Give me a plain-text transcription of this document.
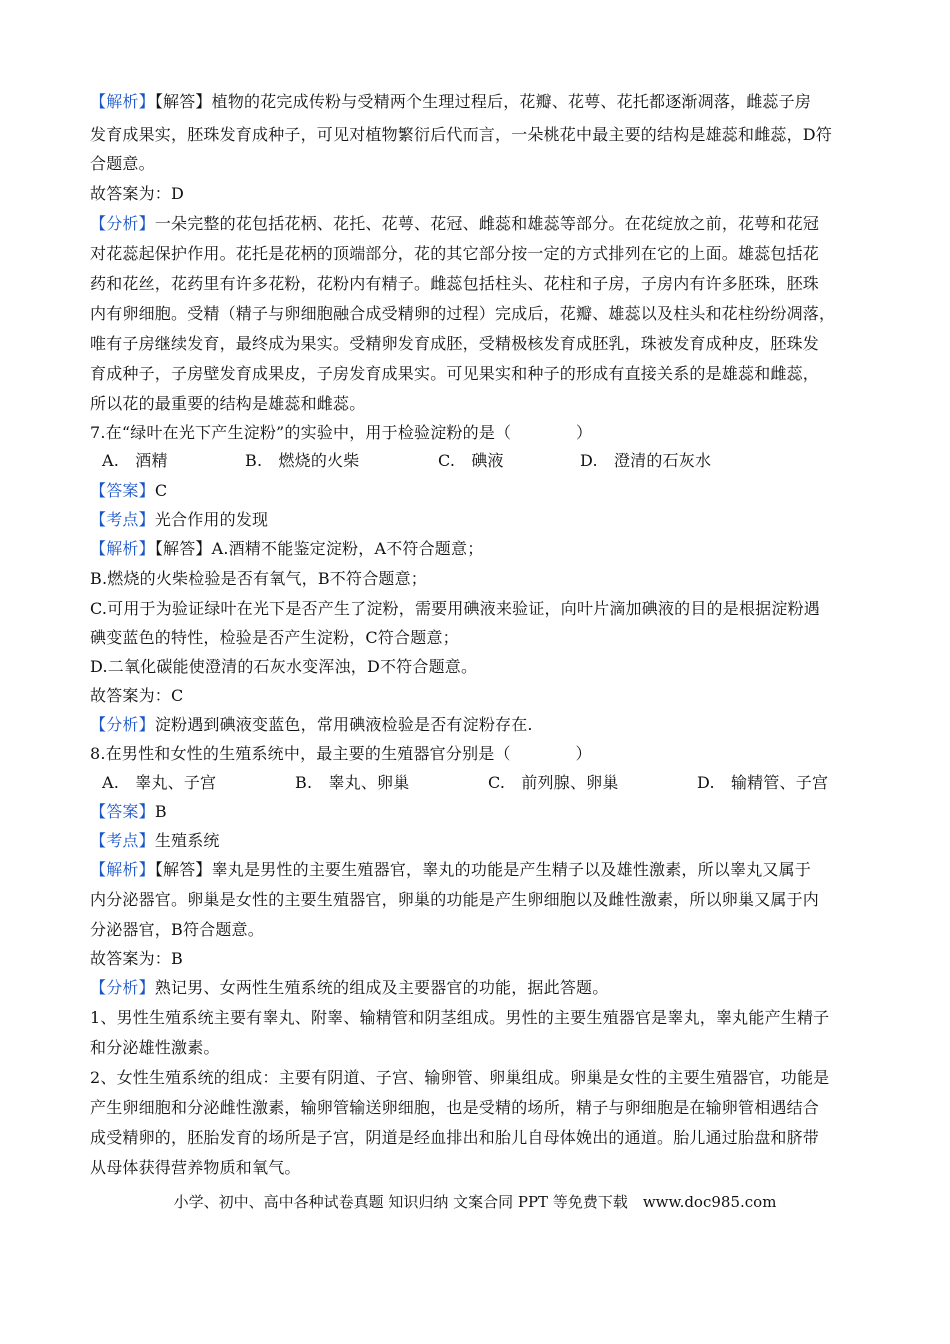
【解析】【解答】植物的花完成传粉与受精两个生理过程后，花瓣、花萼、花托都逐渐凋落，雌蕊子房
发育成果实，胚珠发育成种子，可见对植物繁衍后代而言，一朵桃花中最主要的结构是雄蕊和雌蕊，D符
合题意。
故答案为：D
【分析】一朵完整的花包括花柄、花托、花萼、花冠、雌蕊和雄蕊等部分。在花绽放之前，花萼和花冠
对花蕊起保护作用。花托是花柄的顶端部分，花的其它部分按一定的方式排列在它的上面。雄蕊包括花
药和花丝，花药里有许多花粉，花粉内有精子。雌蕊包括柱头、花柱和子房，子房内有许多胚珠，胚珠
内有卵细胞。受精（精子与卵细胞融合成受精卵的过程）完成后，花瓣、雄蕊以及柱头和花柱纷纷凋落，
唯有子房继续发育，最终成为果实。受精卵发育成胚，受精极核发育成胚乳，珠被发育成种皮，胚珠发
育成种子，子房壁发育成果皮，子房发育成果实。可见果实和种子的形成有直接关系的是雄蕊和雌蕊，
所以花的最重要的结构是雄蕊和雌蕊。
7.在“绿叶在光下产生淀粉”的实验中，用于检验淀粉的是（　　　　）
A.　酒精	B.　燃烧的火柴	C.　碘液	D.　澄清的石灰水
【答案】C
【考点】光合作用的发现
【解析】【解答】A.酒精不能鉴定淀粉，A不符合题意；
B.燃烧的火柴检验是否有氧气，B不符合题意；
C.可用于为验证绿叶在光下是否产生了淀粉，需要用碘液来验证，向叶片滴加碘液的目的是根据淀粉遇
碘变蓝色的特性，检验是否产生淀粉，C符合题意；
D.二氧化碳能使澄清的石灰水变浑浊，D不符合题意。
故答案为：C
【分析】淀粉遇到碘液变蓝色，常用碘液检验是否有淀粉存在.
8.在男性和女性的生殖系统中，最主要的生殖器官分别是（　　　　）
A.　睾丸、子宫	B.　睾丸、卵巢	C.　前列腺、卵巢	D.　输精管、子宫
【答案】B
【考点】生殖系统
【解析】【解答】睾丸是男性的主要生殖器官，睾丸的功能是产生精子以及雄性激素，所以睾丸又属于
内分泌器官。卵巢是女性的主要生殖器官，卵巢的功能是产生卵细胞以及雌性激素，所以卵巢又属于内
分泌器官，B符合题意。
故答案为：B
【分析】熟记男、女两性生殖系统的组成及主要器官的功能，据此答题。
1、男性生殖系统主要有睾丸、附睾、输精管和阴茎组成。男性的主要生殖器官是睾丸，睾丸能产生精子
和分泌雄性激素。
2、女性生殖系统的组成：主要有阴道、子宫、输卵管、卵巢组成。卵巢是女性的主要生殖器官，功能是
产生卵细胞和分泌雌性激素，输卵管输送卵细胞，也是受精的场所，精子与卵细胞是在输卵管相遇结合
成受精卵的，胚胎发育的场所是子宫，阴道是经血排出和胎儿自母体娩出的通道。胎儿通过胎盘和脐带
从母体获得营养物质和氧气。
小学、初中、高中各种试卷真题 知识归纳 文案合同 PPT 等免费下载　www.doc985.com
